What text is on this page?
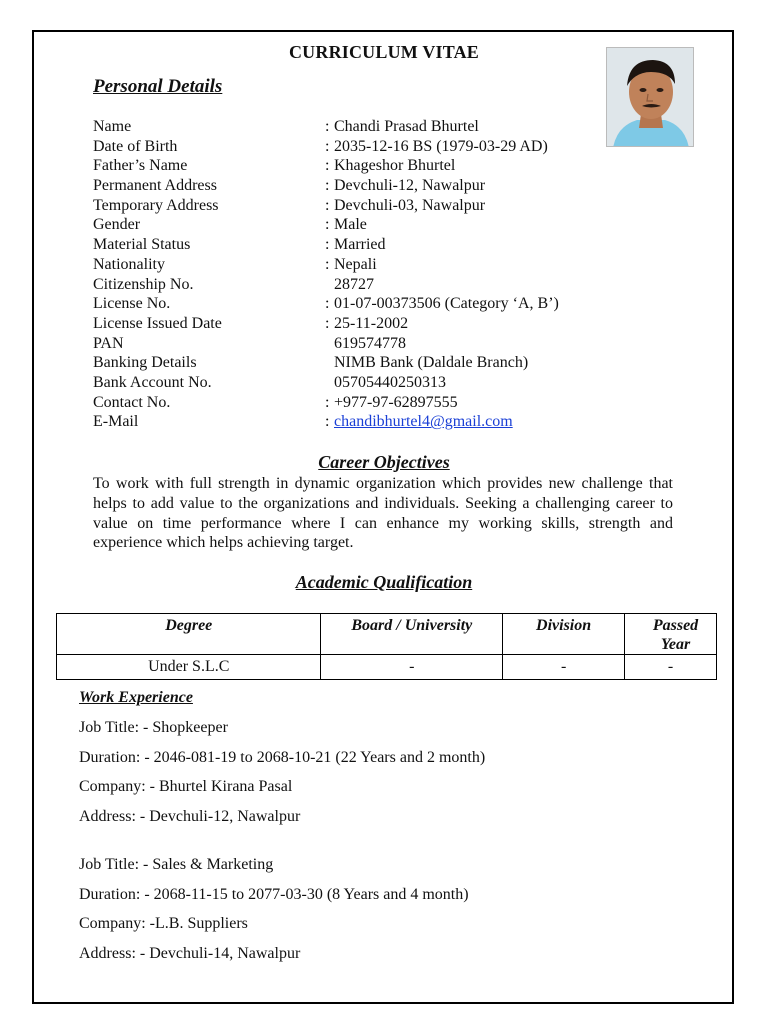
CURRICULUM VITAE
Personal Details
Name	: Chandi Prasad Bhurtel
Date of Birth	: 2035-12-16 BS (1979-03-29 AD)
Father’s Name	: Khageshor Bhurtel
Permanent Address	: Devchuli-12, Nawalpur
Temporary Address	: Devchuli-03, Nawalpur
Gender	: Male
Material Status	: Married
Nationality	: Nepali
Citizenship No.	28727
License No.	: 01-07-00373506 (Category ‘A, B’)
License Issued Date	: 25-11-2002
PAN	619574778
Banking Details	NIMB Bank (Daldale Branch)
Bank Account No.	05705440250313
Contact No.	: +977-97-62897555
E-Mail	: chandibhurtel4@gmail.com
Career Objectives
To work with full strength in dynamic organization which provides new challenge that helps to add value to the organizations and individuals. Seeking a challenging career to value on time performance where I can enhance my working skills, strength and experience which helps achieving target.
Academic Qualification
Degree	Board / University	Division	Passed Year
Under S.L.C	-	-	-
Work Experience
Job Title: - Shopkeeper
Duration: - 2046-081-19 to 2068-10-21 (22 Years and 2 month)
Company: - Bhurtel Kirana Pasal
Address: - Devchuli-12, Nawalpur
Job Title: - Sales & Marketing
Duration: - 2068-11-15 to 2077-03-30 (8 Years and 4 month)
Company: -L.B. Suppliers
Address: - Devchuli-14, Nawalpur
